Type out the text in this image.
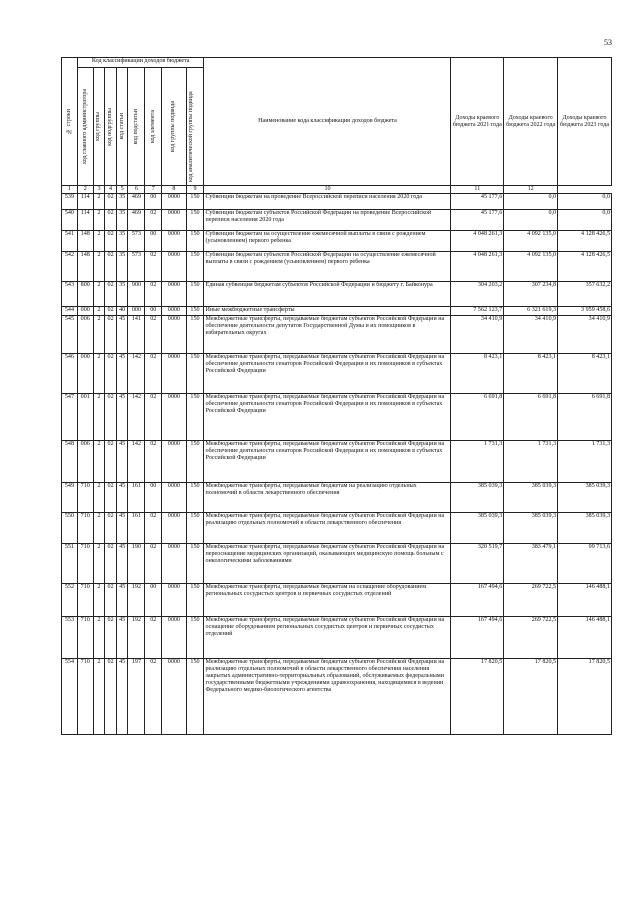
53
№ строки	Код классификации доходов бюджета								Наименование кода классификации доходов бюджета	Доходы краевого бюджета 2021 года	Доходы краевого бюджета 2022 года	Доходы краевого бюджета 2023 года

	код главного администратора	код группы	код подгруппы	код статьи	код подстатьи	код элемента	код группы подвида	код аналитической группы подвида				

1	2	3	4	5	6	7	8	9	10	11	12	
539	114	2	02	35	469	00	0000	150	Субвенции бюджетам на проведение Всероссийской переписи населения 2020 года	45 177,6	0,0	0,0
540	114	2	02	35	469	02	0000	150	Субвенции бюджетам субъектов Российской Федерации на проведение Всероссийской переписи населения 2020 года	45 177,6	0,0	0,0
541	148	2	02	35	573	00	0000	150	Субвенции бюджетам на осуществление ежемесячной выплаты в связи с рождением (усыновлением) первого ребенка	4 048 261,3	4 092 135,0	4 128 426,5
542	148	2	02	35	573	02	0000	150	Субвенции бюджетам субъектов Российской Федерации на осуществление ежемесячной выплаты в связи с рождением (усыновлением) первого ребенка	4 048 261,3	4 092 135,0	4 128 426,5
543	800	2	02	35	900	02	0000	150	Единая субвенция бюджетам субъектов Российской Федерации и бюджету г. Байконура	304 203,2	307 234,8	357 632,2
544	000	2	02	40	000	00	0000	150	Иные межбюджетные трансферты	7 562 123,7	6 321 619,3	3 959 458,6
545	006	2	02	45	141	02	0000	150	Межбюджетные трансферты, передаваемые бюджетам субъектов Российской Федерации на обеспечение деятельности депутатов Государственной Думы и их помощников в избирательных округах	34 410,9	34 410,9	34 410,9
546	000	2	02	45	142	02	0000	150	Межбюджетные трансферты, передаваемые бюджетам субъектов Российской Федерации на обеспечение деятельности сенаторов Российской Федерации и их помощников в субъектах Российской Федерации	8 423,1	8 423,1	8 423,1
547	001	2	02	45	142	02	0000	150	Межбюджетные трансферты, передаваемые бюджетам субъектов Российской Федерации на обеспечение деятельности сенаторов Российской Федерации и их помощников в субъектах Российской Федерации	6 691,8	6 691,8	6 691,8
548	006	2	02	45	142	02	0000	150	Межбюджетные трансферты, передаваемые бюджетам субъектов Российской Федерации на обеспечение деятельности сенаторов Российской Федерации и их помощников в субъектах Российской Федерации	1 731,3	1 731,3	1 731,3
549	710	2	02	45	161	00	0000	150	Межбюджетные трансферты, передаваемые бюджетам на реализацию отдельных полномочий в области лекарственного обеспечения	385 039,3	385 039,3	385 039,3
550	710	2	02	45	161	02	0000	150	Межбюджетные трансферты, передаваемые бюджетам субъектов Российской Федерации на реализацию отдельных полномочий в области лекарственного обеспечения	385 039,3	385 039,3	385 039,3
551	710	2	02	45	190	02	0000	150	Межбюджетные трансферты, передаваемые бюджетам субъектов Российской Федерации на переоснащение медицинских организаций, оказывающих медицинскую помощь больным с онкологическими заболеваниями	320 519,7	383 479,1	99 713,6
552	710	2	02	45	192	00	0000	150	Межбюджетные трансферты, передаваемые бюджетам на оснащение оборудованием региональных сосудистых центров и первичных сосудистых отделений	167 494,6	269 722,5	146 488,1
553	710	2	02	45	192	02	0000	150	Межбюджетные трансферты, передаваемые бюджетам субъектов Российской Федерации на оснащение оборудованием региональных сосудистых центров и первичных сосудистых отделений	167 494,6	269 722,5	146 488,1
554	710	2	02	45	197	02	0000	150	Межбюджетные трансферты, передаваемые бюджетам субъектов Российской Федерации на реализацию отдельных полномочий в области лекарственного обеспечения населения закрытых административно-территориальных образований, обслуживаемых федеральными государственными бюджетными учреждениями здравоохранения, находящимися в ведении Федерального медико-биологического агентства	17 820,5	17 820,5	17 820,5
